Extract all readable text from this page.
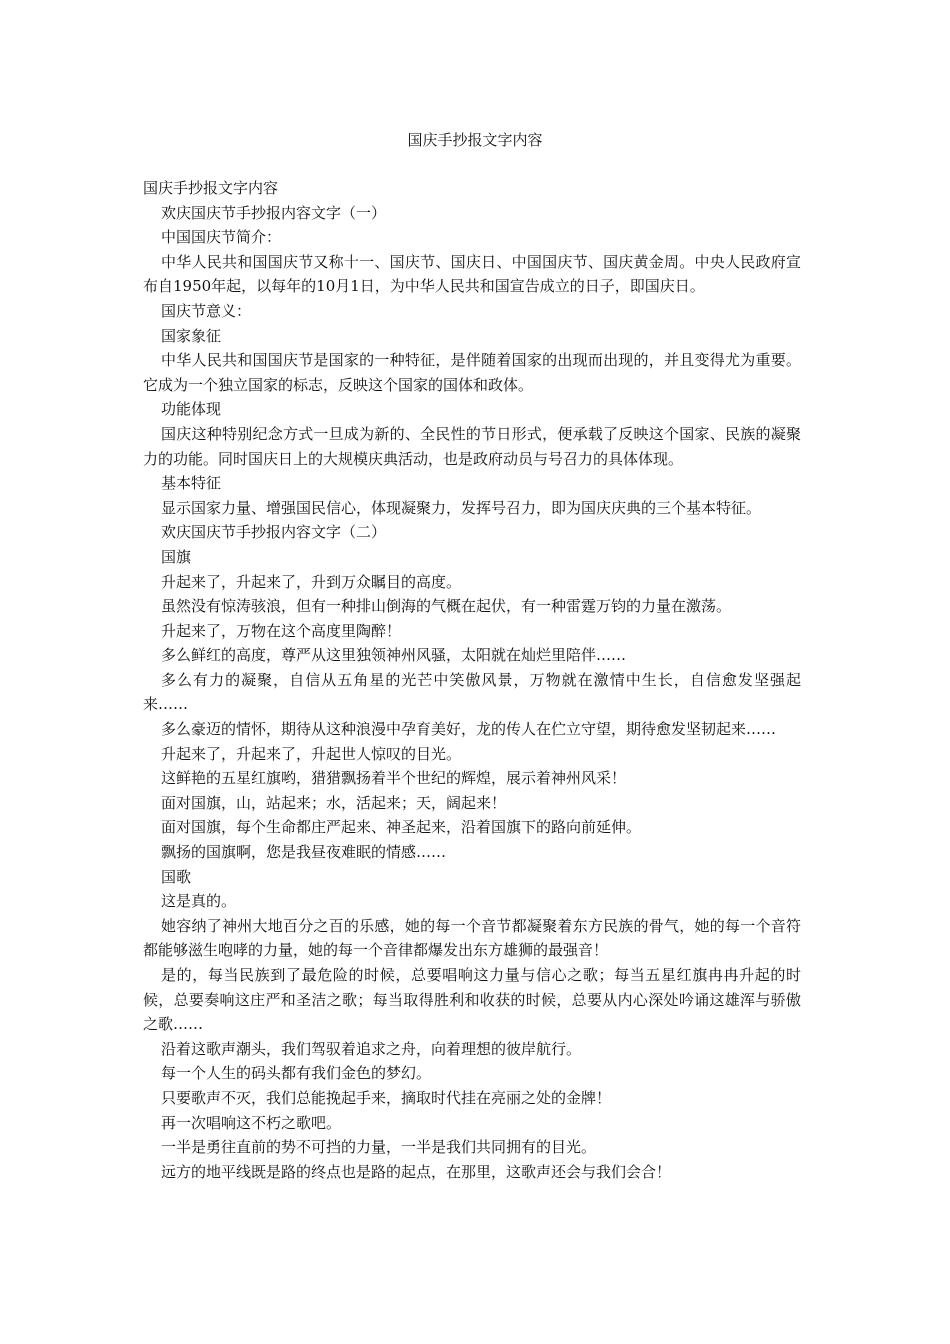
国庆手抄报文字内容

国庆手抄报文字内容

欢庆国庆节手抄报内容文字（一）

中国国庆节简介：

中华人民共和国国庆节又称十一、国庆节、国庆日、中国国庆节、国庆黄金周。中央人民政府宣布自1950年起，以每年的10月1日，为中华人民共和国宣告成立的日子，即国庆日。

国庆节意义：

国家象征

中华人民共和国国庆节是国家的一种特征，是伴随着国家的出现而出现的，并且变得尤为重要。它成为一个独立国家的标志，反映这个国家的国体和政体。

功能体现

国庆这种特别纪念方式一旦成为新的、全民性的节日形式，便承载了反映这个国家、民族的凝聚力的功能。同时国庆日上的大规模庆典活动，也是政府动员与号召力的具体体现。

基本特征

显示国家力量、增强国民信心，体现凝聚力，发挥号召力，即为国庆庆典的三个基本特征。

欢庆国庆节手抄报内容文字（二）

国旗

升起来了，升起来了，升到万众瞩目的高度。

虽然没有惊涛骇浪，但有一种排山倒海的气概在起伏，有一种雷霆万钧的力量在激荡。

升起来了，万物在这个高度里陶醉！

多么鲜红的高度，尊严从这里独领神州风骚，太阳就在灿烂里陪伴……

多么有力的凝聚，自信从五角星的光芒中笑傲风景，万物就在激情中生长，自信愈发坚强起来……

多么豪迈的情怀，期待从这种浪漫中孕育美好，龙的传人在伫立守望，期待愈发坚韧起来……

升起来了，升起来了，升起世人惊叹的目光。

这鲜艳的五星红旗哟，猎猎飘扬着半个世纪的辉煌，展示着神州风采！

面对国旗，山，站起来；水，活起来；天，阔起来！

面对国旗，每个生命都庄严起来、神圣起来，沿着国旗下的路向前延伸。

飘扬的国旗啊，您是我昼夜难眠的情感……

国歌

这是真的。

她容纳了神州大地百分之百的乐感，她的每一个音节都凝聚着东方民族的骨气，她的每一个音符都能够滋生咆哮的力量，她的每一个音律都爆发出东方雄狮的最强音！

是的，每当民族到了最危险的时候，总要唱响这力量与信心之歌；每当五星红旗冉冉升起的时候，总要奏响这庄严和圣洁之歌；每当取得胜利和收获的时候，总要从内心深处吟诵这雄浑与骄傲之歌……

沿着这歌声潮头，我们驾驭着追求之舟，向着理想的彼岸航行。

每一个人生的码头都有我们金色的梦幻。

只要歌声不灭，我们总能挽起手来，摘取时代挂在亮丽之处的金牌！

再一次唱响这不朽之歌吧。

一半是勇往直前的势不可挡的力量，一半是我们共同拥有的目光。

远方的地平线既是路的终点也是路的起点，在那里，这歌声还会与我们会合！
